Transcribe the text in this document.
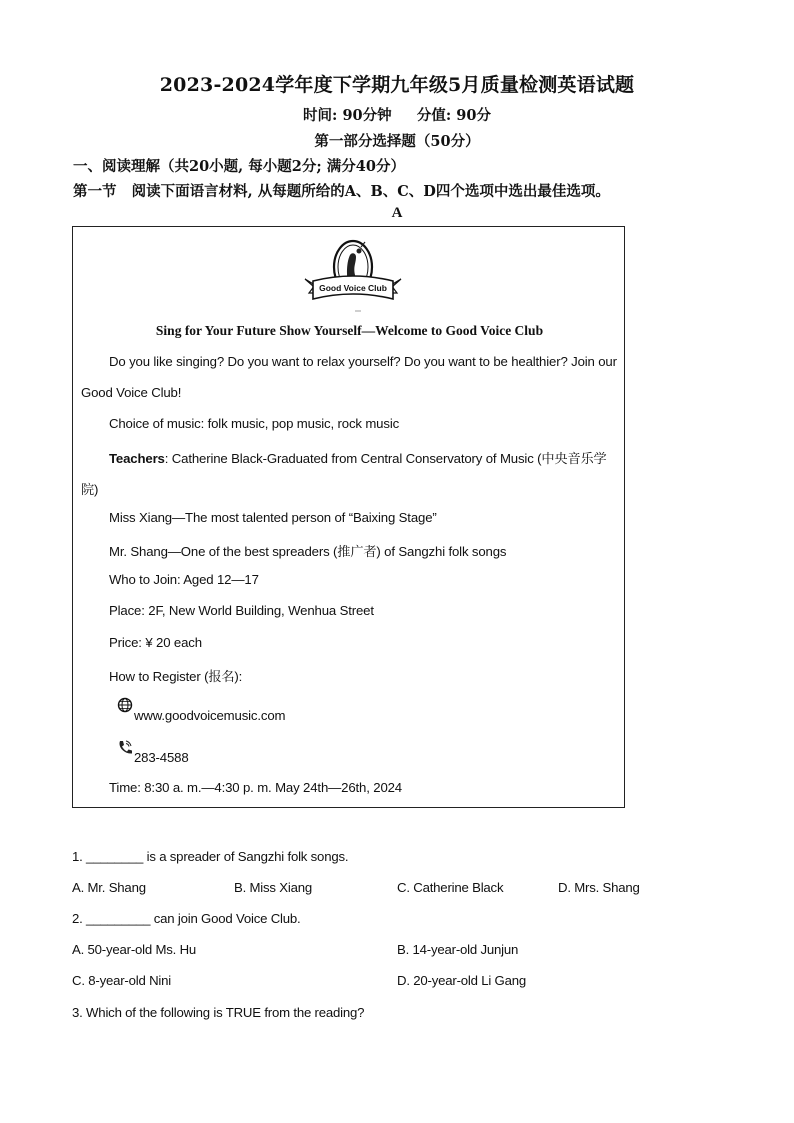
2023-2024学年度下学期九年级5月质量检测英语试题
时间: 90分钟     分值: 90分
第一部分选择题（50分）
一、阅读理解（共20小题, 每小题2分; 满分40分）
第一节   阅读下面语言材料, 从每题所给的A、B、C、D四个选项中选出最佳选项。
A
Good Voice Club
Sing for Your Future Show Yourself—Welcome to Good Voice Club
Do you like singing? Do you want to relax yourself? Do you want to be healthier? Join our
Good Voice Club!
Choice of music: folk music, pop music, rock music
Teachers: Catherine Black-Graduated from Central Conservatory of Music (中央音乐学
院)
Miss Xiang—The most talented person of “Baixing Stage”
Mr. Shang—One of the best spreaders (推广者) of Sangzhi folk songs
Who to Join: Aged 12—17
Place: 2F, New World Building, Wenhua Street
Price: ¥ 20 each
How to Register (报名):
www.goodvoicemusic.com
283-4588
Time: 8:30 a. m.—4:30 p. m. May 24th—26th, 2024
1. ________ is a spreader of Sangzhi folk songs.
A. Mr. Shang	B. Miss Xiang	C. Catherine Black	D. Mrs. Shang
2. _________ can join Good Voice Club.
A. 50-year-old Ms. Hu	B. 14-year-old Junjun
C. 8-year-old Nini	D. 20-year-old Li Gang
3. Which of the following is TRUE from the reading?
